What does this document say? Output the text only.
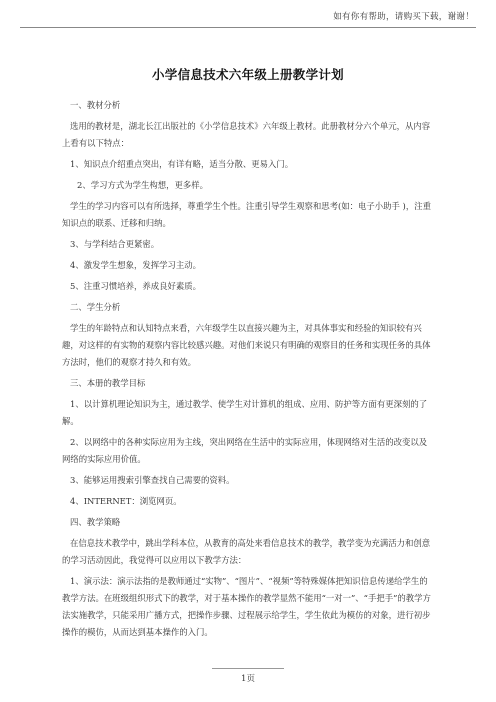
如有你有帮助，请购买下载，谢谢！
小学信息技术六年级上册教学计划

一、教材分析

选用的教材是，湖北长江出版社的《小学信息技术》六年级上教材。此册教材分六个单元，从内容上看有以下特点：

1、知识点介绍重点突出，有详有略，适当分散、更易入门。

2、学习方式为学生构想，更多样。

学生的学习内容可以有所选择，尊重学生个性。注重引导学生观察和思考(如：电子小助手 )，注重知识点的联系、迁移和归纳。

3、与学科结合更紧密。

4、激发学生想象，发挥学习主动。

5、注重习惯培养，养成良好素质。

二、学生分析

学生的年龄特点和认知特点来看，六年级学生以直接兴趣为主，对具体事实和经验的知识较有兴趣，对这样的有实物的观察内容比较感兴趣。对他们来说只有明确的观察目的任务和实现任务的具体方法时，他们的观察才持久和有效。

三、本册的教学目标

1、以计算机理论知识为主，通过教学、使学生对计算机的组成、应用、防护等方面有更深刻的了解。

2、以网络中的各种实际应用为主线，突出网络在生活中的实际应用，体现网络对生活的改变以及网络的实际应用价值。

3、能够运用搜索引擎查找自己需要的资料。

4、INTERNET：浏览网页。

四、教学策略

在信息技术教学中，跳出学科本位，从教育的高处来看信息技术的教学，教学变为充满活力和创意的学习活动因此，我觉得可以应用以下教学方法：

1、演示法：演示法指的是教师通过“实物”、“图片”、“视频”等特殊媒体把知识信息传递给学生的教学方法。在班级组织形式下的教学，对于基本操作的教学显然不能用“一对一”、“手把手”的教学方法实施教学，只能采用广播方式，把操作步骤、过程展示给学生，学生依此为模仿的对象，进行初步操作的模仿，从而达到基本操作的入门。

1页
